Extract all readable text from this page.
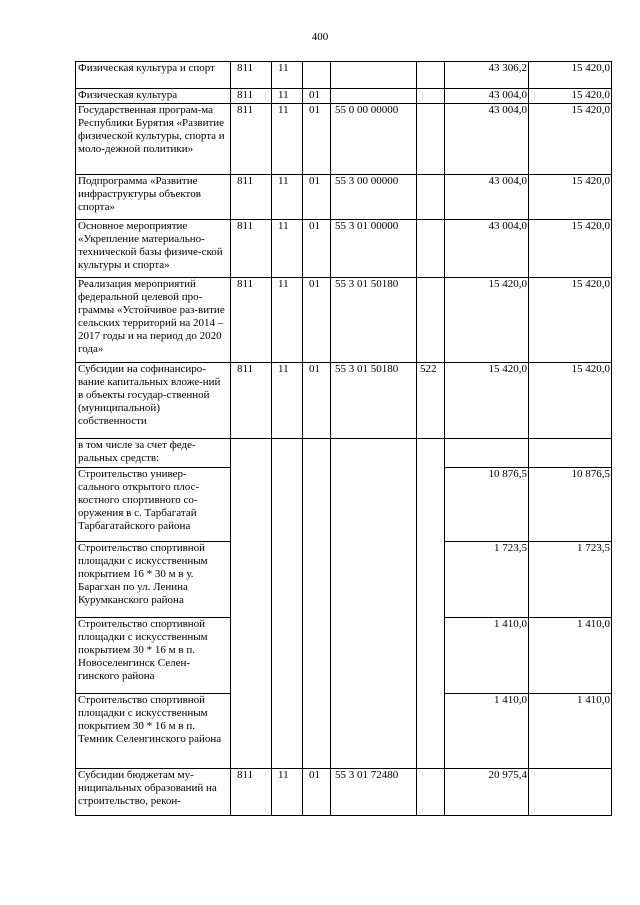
400
Физическая культура и спорт	811	11				43 306,2	15 420,0
Физическая культура	811	11	01			43 004,0	15 420,0
Государственная програм-ма Республики Бурятия «Развитие физической культуры, спорта и моло-дежной политики»	811	11	01	55 0 00 00000		43 004,0	15 420,0
Подпрограмма «Развитие инфраструктуры объектов спорта»	811	11	01	55 3 00 00000		43 004,0	15 420,0
Основное мероприятие «Укрепление материально-технической базы физиче-ской культуры и спорта»	811	11	01	55 3 01 00000		43 004,0	15 420,0
Реализация мероприятий федеральной целевой про-граммы «Устойчивое раз-витие сельских территорий на 2014 – 2017 годы и на период до 2020 года»	811	11	01	55 3 01 50180		15 420,0	15 420,0
Субсидии на софинансиро-вание капитальных вложе-ний в объекты государ-ственной (муниципальной) собственности	811	11	01	55 3 01 50180	522	15 420,0	15 420,0
в том числе за счет феде-ральных средств:							
Строительство универ-сального открытого плос-костного спортивного со-оружения в с. Тарбагатай Тарбагатайского района						10 876,5	10 876,5
Строительство спортивной площадки с искусственным покрытием 16 * 30 м в у. Барагхан по ул. Ленина Курумканского района						1 723,5	1 723,5
Строительство спортивной площадки с искусственным покрытием 30 * 16 м в п. Новоселенгинск Селен-гинского района						1 410,0	1 410,0
Строительство спортивной площадки с искусственным покрытием 30 * 16 м в п. Темник Селенгинского района						1 410,0	1 410,0
Субсидии бюджетам му-ниципальных образований на строительство, рекон-	811	11	01	55 3 01 72480		20 975,4	
